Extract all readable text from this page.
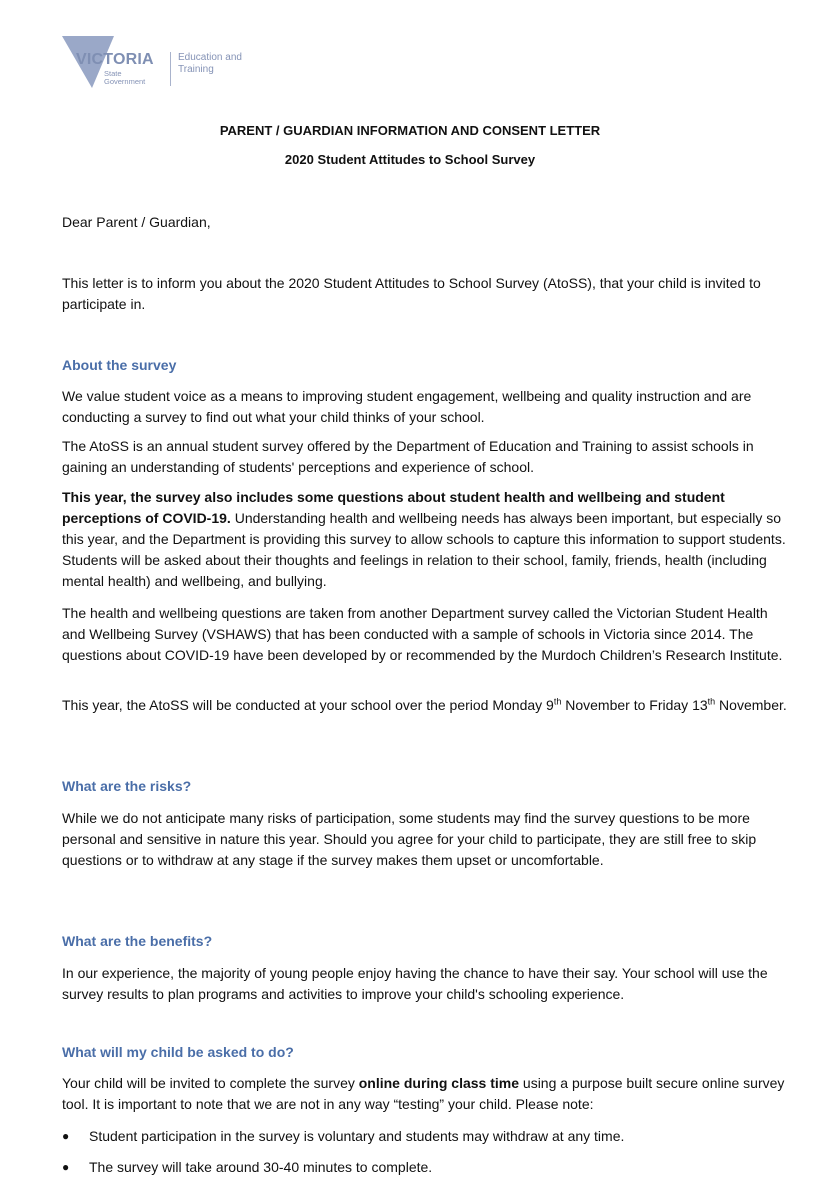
VICTORIA
State
Government
Education and Training
PARENT / GUARDIAN INFORMATION AND CONSENT LETTER
2020 Student Attitudes to School Survey

Dear Parent / Guardian,

This letter is to inform you about the 2020 Student Attitudes to School Survey (AtoSS), that your child is invited to participate in.

About the survey

We value student voice as a means to improving student engagement, wellbeing and quality instruction and are conducting a survey to find out what your child thinks of your school.

The AtoSS is an annual student survey offered by the Department of Education and Training to assist schools in gaining an understanding of students' perceptions and experience of school.

This year, the survey also includes some questions about student health and wellbeing and student perceptions of COVID-19. Understanding health and wellbeing needs has always been important, but especially so this year, and the Department is providing this survey to allow schools to capture this information to support students. Students will be asked about their thoughts and feelings in relation to their school, family, friends, health (including mental health) and wellbeing, and bullying.

The health and wellbeing questions are taken from another Department survey called the Victorian Student Health and Wellbeing Survey (VSHAWS) that has been conducted with a sample of schools in Victoria since 2014. The questions about COVID-19 have been developed by or recommended by the Murdoch Children’s Research Institute.

This year, the AtoSS will be conducted at your school over the period Monday 9th November to Friday 13th November.

What are the risks?

While we do not anticipate many risks of participation, some students may find the survey questions to be more personal and sensitive in nature this year. Should you agree for your child to participate, they are still free to skip questions or to withdraw at any stage if the survey makes them upset or uncomfortable.

What are the benefits?

In our experience, the majority of young people enjoy having the chance to have their say. Your school will use the survey results to plan programs and activities to improve your child's schooling experience.

What will my child be asked to do?

Your child will be invited to complete the survey online during class time using a purpose built secure online survey tool. It is important to note that we are not in any way “testing” your child. Please note:

● Student participation in the survey is voluntary and students may withdraw at any time.
● The survey will take around 30-40 minutes to complete.
